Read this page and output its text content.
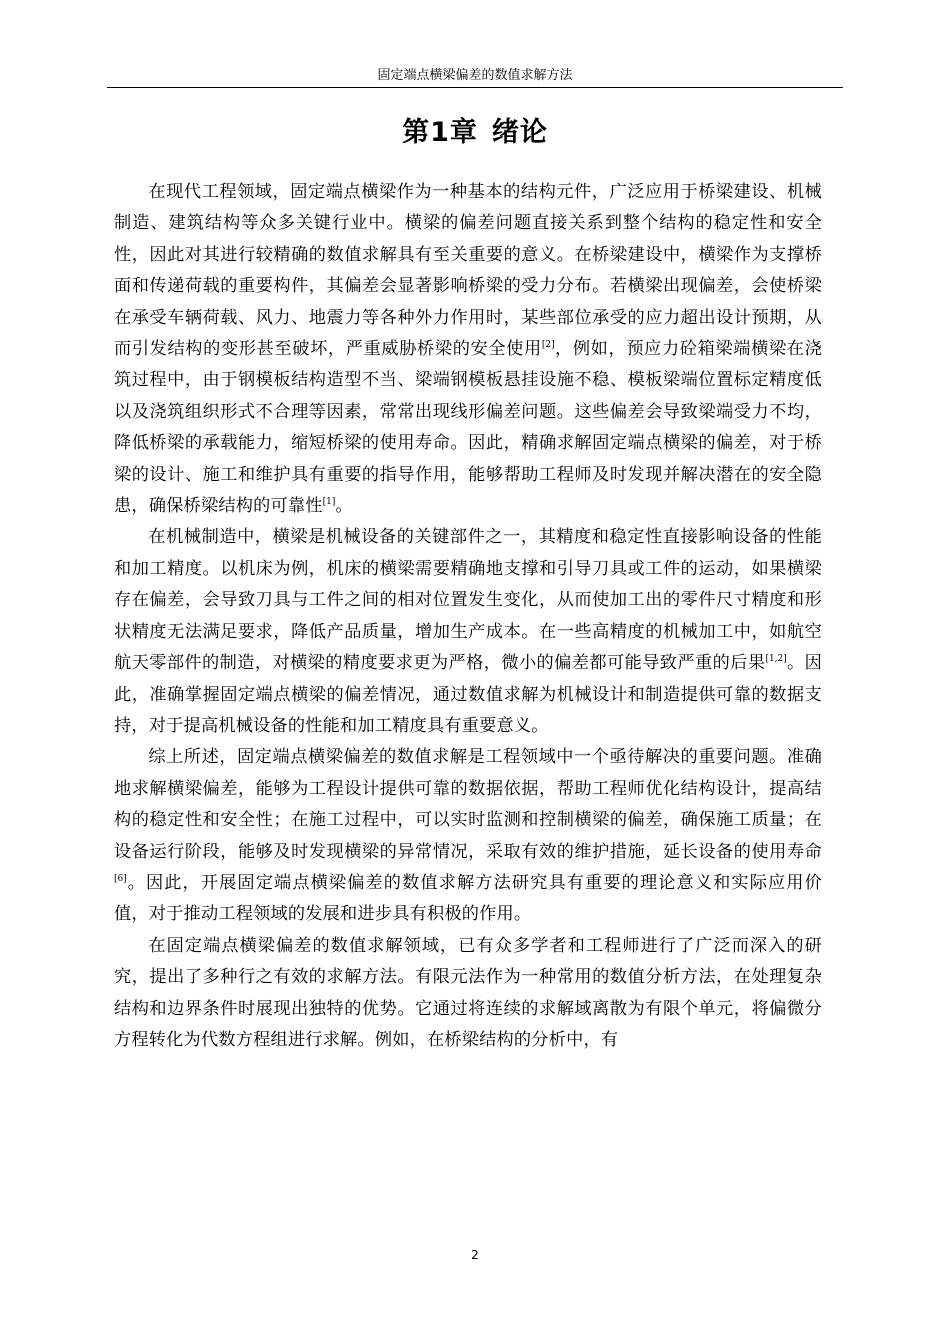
固定端点横梁偏差的数值求解方法
第1章 绪论

在现代工程领域，固定端点横梁作为一种基本的结构元件，广泛应用于桥梁建设、机械制造、建筑结构等众多关键行业中。横梁的偏差问题直接关系到整个结构的稳定性和安全性，因此对其进行较精确的数值求解具有至关重要的意义。在桥梁建设中，横梁作为支撑桥面和传递荷载的重要构件，其偏差会显著影响桥梁的受力分布。若横梁出现偏差，会使桥梁在承受车辆荷载、风力、地震力等各种外力作用时，某些部位承受的应力超出设计预期，从而引发结构的变形甚至破坏，严重威胁桥梁的安全使用[2]，例如，预应力砼箱梁端横梁在浇筑过程中，由于钢模板结构造型不当、梁端钢模板悬挂设施不稳、模板梁端位置标定精度低以及浇筑组织形式不合理等因素，常常出现线形偏差问题。这些偏差会导致梁端受力不均，降低桥梁的承载能力，缩短桥梁的使用寿命。因此，精确求解固定端点横梁的偏差，对于桥梁的设计、施工和维护具有重要的指导作用，能够帮助工程师及时发现并解决潜在的安全隐患，确保桥梁结构的可靠性[1]。

在机械制造中，横梁是机械设备的关键部件之一，其精度和稳定性直接影响设备的性能和加工精度。以机床为例，机床的横梁需要精确地支撑和引导刀具或工件的运动，如果横梁存在偏差，会导致刀具与工件之间的相对位置发生变化，从而使加工出的零件尺寸精度和形状精度无法满足要求，降低产品质量，增加生产成本。在一些高精度的机械加工中，如航空航天零部件的制造，对横梁的精度要求更为严格，微小的偏差都可能导致严重的后果[1,2]。因此，准确掌握固定端点横梁的偏差情况，通过数值求解为机械设计和制造提供可靠的数据支持，对于提高机械设备的性能和加工精度具有重要意义。

综上所述，固定端点横梁偏差的数值求解是工程领域中一个亟待解决的重要问题。准确地求解横梁偏差，能够为工程设计提供可靠的数据依据，帮助工程师优化结构设计，提高结构的稳定性和安全性；在施工过程中，可以实时监测和控制横梁的偏差，确保施工质量；在设备运行阶段，能够及时发现横梁的异常情况，采取有效的维护措施，延长设备的使用寿命[6]。因此，开展固定端点横梁偏差的数值求解方法研究具有重要的理论意义和实际应用价值，对于推动工程领域的发展和进步具有积极的作用。

在固定端点横梁偏差的数值求解领域，已有众多学者和工程师进行了广泛而深入的研究，提出了多种行之有效的求解方法。有限元法作为一种常用的数值分析方法，在处理复杂结构和边界条件时展现出独特的优势。它通过将连续的求解域离散为有限个单元，将偏微分方程转化为代数方程组进行求解。例如，在桥梁结构的分析中，有

2
